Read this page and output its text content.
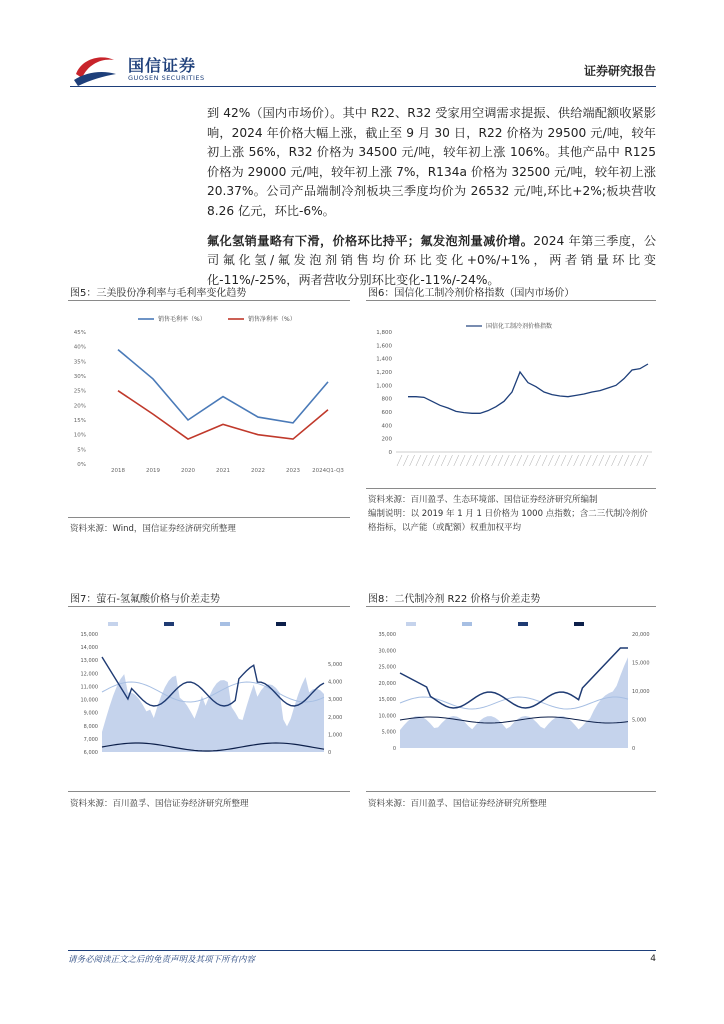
国信证券
GUOSEN SECURITIES	证券研究报告

到 42%（国内市场价）。其中 R22、R32 受家用空调需求提振、供给端配额收紧影响，2024 年价格大幅上涨，截止至 9 月 30 日，R22 价格为 29500 元/吨，较年初上涨 56%，R32 价格为 34500 元/吨，较年初上涨 106%。其他产品中 R125 价格为 29000 元/吨，较年初上涨 7%，R134a 价格为 32500 元/吨，较年初上涨 20.37%。公司产品端制冷剂板块三季度均价为 26532 元/吨,环比+2%;板块营收 8.26 亿元，环比-6%。

氟化氢销量略有下滑，价格环比持平；氟发泡剂量减价增。2024 年第三季度，公司氟化氢/氟发泡剂销售均价环比变化+0%/+1%，两者销量环比变化-11%/-25%，两者营收分别环比变化-11%/-24%。

图5：三美股份净利率与毛利率变化趋势
0%
5%
10%
15%
20%
25%
30%
35%
40%
45%
2018	2019	2020	2021	2022	2023 2024Q1-Q3
销售毛利率（%）	销售净利率（%）
资料来源：Wind，国信证券经济研究所整理
图6：国信化工制冷剂价格指数（国内市场价）
0
200
400
600
800
1,000
1,200
1,400
1,600
1,800
国信化工制冷剂价格指数
资料来源：百川盈孚、生态环境部、国信证券经济研究所编制
编制说明：以 2019 年 1 月 1 日价格为 1000 点指数；含二三代制冷剂价格指标，以产能（或配额）权重加权平均
图7：萤石-氢氟酸价格与价差走势
6,000
7,000
8,000
9,000
10,000
11,000
12,000
13,000
14,000
15,000
0
1,000
2,000
3,000
4,000
5,000
资料来源：百川盈孚、国信证券经济研究所整理
图8：二代制冷剂 R22 价格与价差走势
0
5,000
10,000
15,000
20,000
25,000
30,000
35,000
0
5,000
10,000
15,000
20,000
资料来源：百川盈孚、国信证券经济研究所整理
请务必阅读正文之后的免责声明及其项下所有内容	4
